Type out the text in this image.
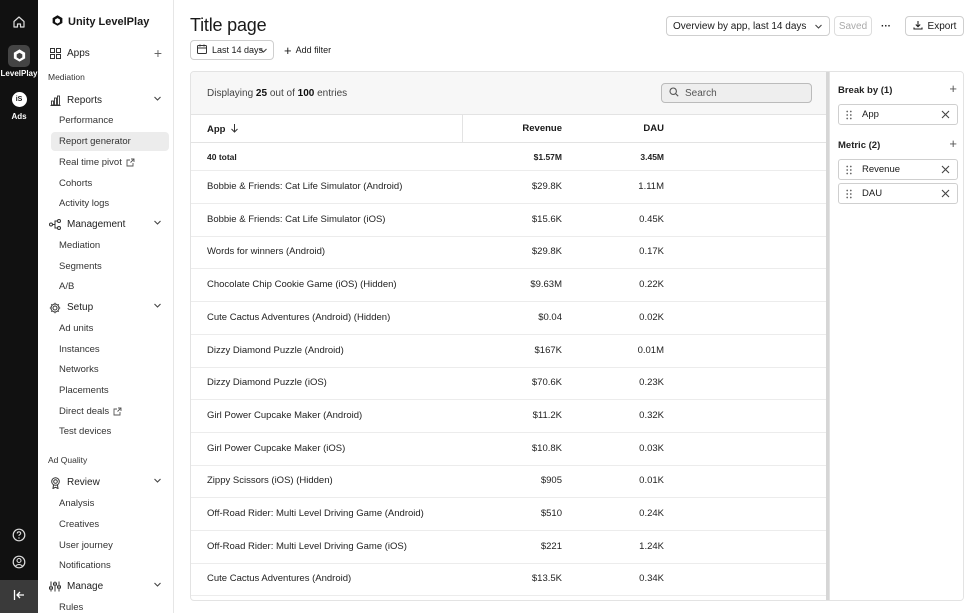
LevelPlay
iS
Ads
Unity LevelPlay
Apps	+
Mediation
Reports
Performance
Report generator
Real time pivot
Cohorts
Activity logs
Management
Mediation
Segments
A/B
Setup
Ad units
Instances
Networks
Placements
Direct deals
Test devices
Ad Quality
Review
Analysis
Creatives
User journey
Notifications
Manage
Rules
Title page	Overview by app, last 14 days	Saved	···	Export
Last 14 days + Add filter
Displaying 25 out of 100 entries	Search
App	Revenue	DAU
40 total	$1.57M	3.45M
Bobbie & Friends: Cat Life Simulator (Android)	$29.8K	1.11M
Bobbie & Friends: Cat Life Simulator (iOS)	$15.6K	0.45K
Words for winners (Android)	$29.8K	0.17K
Chocolate Chip Cookie Game (iOS) (Hidden)	$9.63M	0.22K
Cute Cactus Adventures (Android) (Hidden)	$0.04	0.02K
Dizzy Diamond Puzzle (Android)	$167K	0.01M
Dizzy Diamond Puzzle (iOS)	$70.6K	0.23K
Girl Power Cupcake Maker (Android)	$11.2K	0.32K
Girl Power Cupcake Maker (iOS)	$10.8K	0.03K
Zippy Scissors (iOS) (Hidden)	$905	0.01K
Off-Road Rider: Multi Level Driving Game (Android)	$510	0.24K
Off-Road Rider: Multi Level Driving Game (iOS)	$221	1.24K
Cute Cactus Adventures (Android)	$13.5K	0.34K
Break by (1)	+
App
Metric (2)	+
Revenue
DAU
